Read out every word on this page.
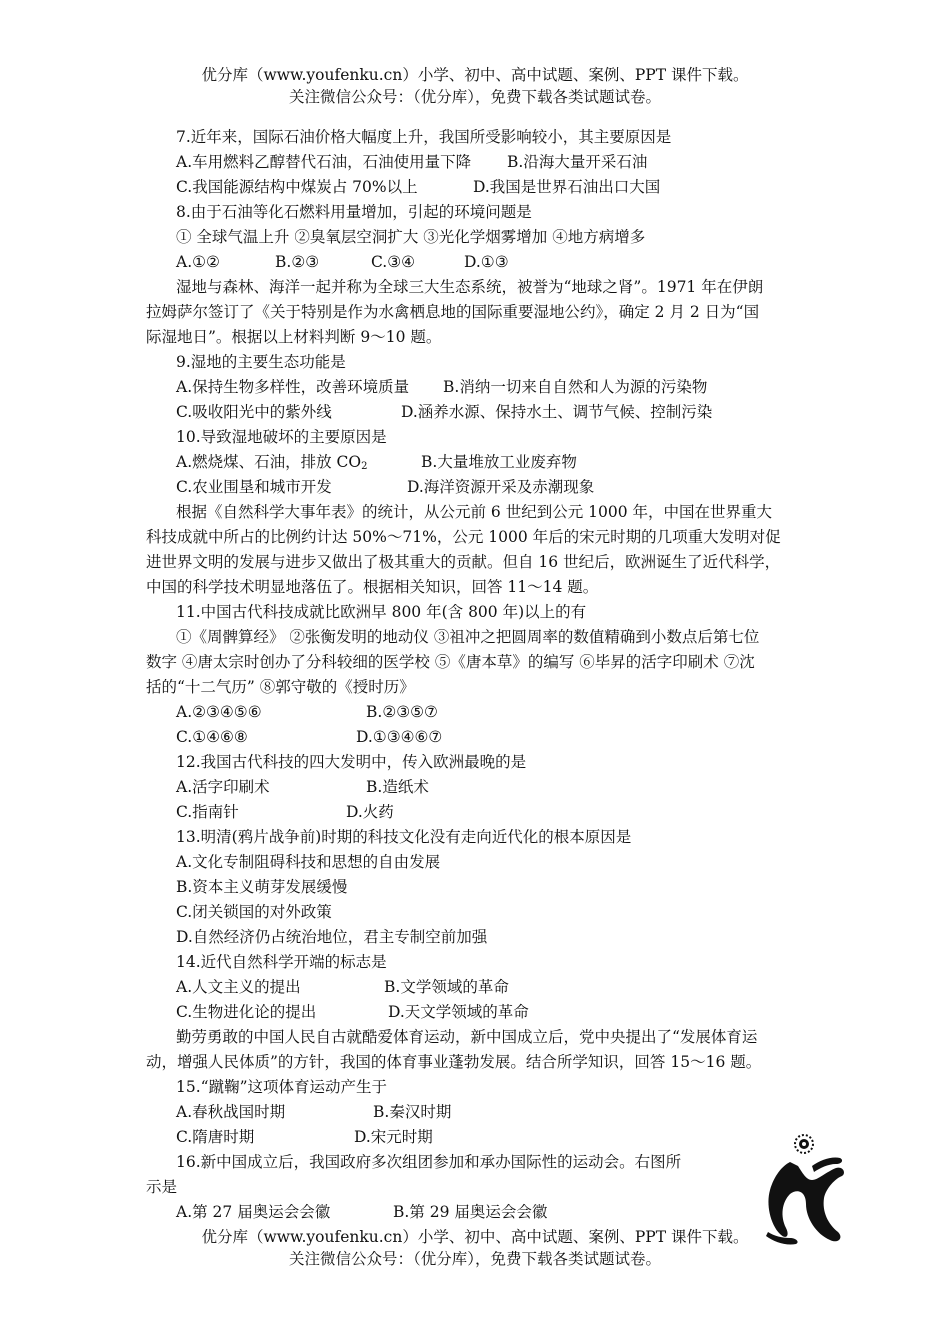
优分库（www.youfenku.cn）小学、初中、高中试题、案例、PPT 课件下载。
关注微信公众号：（优分库），免费下载各类试题试卷。
7.近年来，国际石油价格大幅度上升，我国所受影响较小，其主要原因是
A.车用燃料乙醇替代石油，石油使用量下降 B.沿海大量开采石油
C.我国能源结构中煤炭占 70%以上	D.我国是世界石油出口大国
8.由于石油等化石燃料用量增加，引起的环境问题是
① 全球气温上升 ②臭氧层空洞扩大 ③光化学烟雾增加 ④地方病增多
A.①②	B.②③	C.③④	D.①③
湿地与森林、海洋一起并称为全球三大生态系统，被誉为“地球之肾”。1971 年在伊朗
拉姆萨尔签订了《关于特别是作为水禽栖息地的国际重要湿地公约》，确定 2 月 2 日为“国
际湿地日”。根据以上材料判断 9～10 题。
9.湿地的主要生态功能是
A.保持生物多样性，改善环境质量 B.消纳一切来自自然和人为源的污染物
C.吸收阳光中的紫外线	D.涵养水源、保持水土、调节气候、控制污染
10.导致湿地破坏的主要原因是
A.燃烧煤、石油，排放 $CO_2$	B.大量堆放工业废弃物
C.农业围垦和城市开发	D.海洋资源开采及赤潮现象
根据《自然科学大事年表》的统计，从公元前 6 世纪到公元 1000 年，中国在世界重大
科技成就中所占的比例约计达 50%～71%，公元 1000 年后的宋元时期的几项重大发明对促
进世界文明的发展与进步又做出了极其重大的贡献。但自 16 世纪后，欧洲诞生了近代科学，
中国的科学技术明显地落伍了。根据相关知识，回答 11～14 题。
11.中国古代科技成就比欧洲早 800 年(含 800 年)以上的有
①《周髀算经》 ②张衡发明的地动仪 ③祖冲之把圆周率的数值精确到小数点后第七位
数字 ④唐太宗时创办了分科较细的医学校 ⑤《唐本草》的编写 ⑥毕昇的活字印刷术 ⑦沈
括的“十二气历” ⑧郭守敬的《授时历》
A.②③④⑤⑥	B.②③⑤⑦
C.①④⑥⑧	D.①③④⑥⑦
12.我国古代科技的四大发明中，传入欧洲最晚的是
A.活字印刷术	B.造纸术
C.指南针	D.火药
13.明清(鸦片战争前)时期的科技文化没有走向近代化的根本原因是
A.文化专制阻碍科技和思想的自由发展
B.资本主义萌芽发展缓慢
C.闭关锁国的对外政策
D.自然经济仍占统治地位，君主专制空前加强
14.近代自然科学开端的标志是
A.人文主义的提出	B.文学领域的革命
C.生物进化论的提出	D.天文学领域的革命
勤劳勇敢的中国人民自古就酷爱体育运动，新中国成立后，党中央提出了“发展体育运
动，增强人民体质”的方针，我国的体育事业蓬勃发展。结合所学知识，回答 15～16 题。
15.“蹴鞠”这项体育运动产生于
A.春秋战国时期	B.秦汉时期
C.隋唐时期	D.宋元时期
16.新中国成立后，我国政府多次组团参加和承办国际性的运动会。右图所
示是
A.第 27 届奥运会会徽	B.第 29 届奥运会会徽
优分库（www.youfenku.cn）小学、初中、高中试题、案例、PPT 课件下载。
关注微信公众号：（优分库），免费下载各类试题试卷。
